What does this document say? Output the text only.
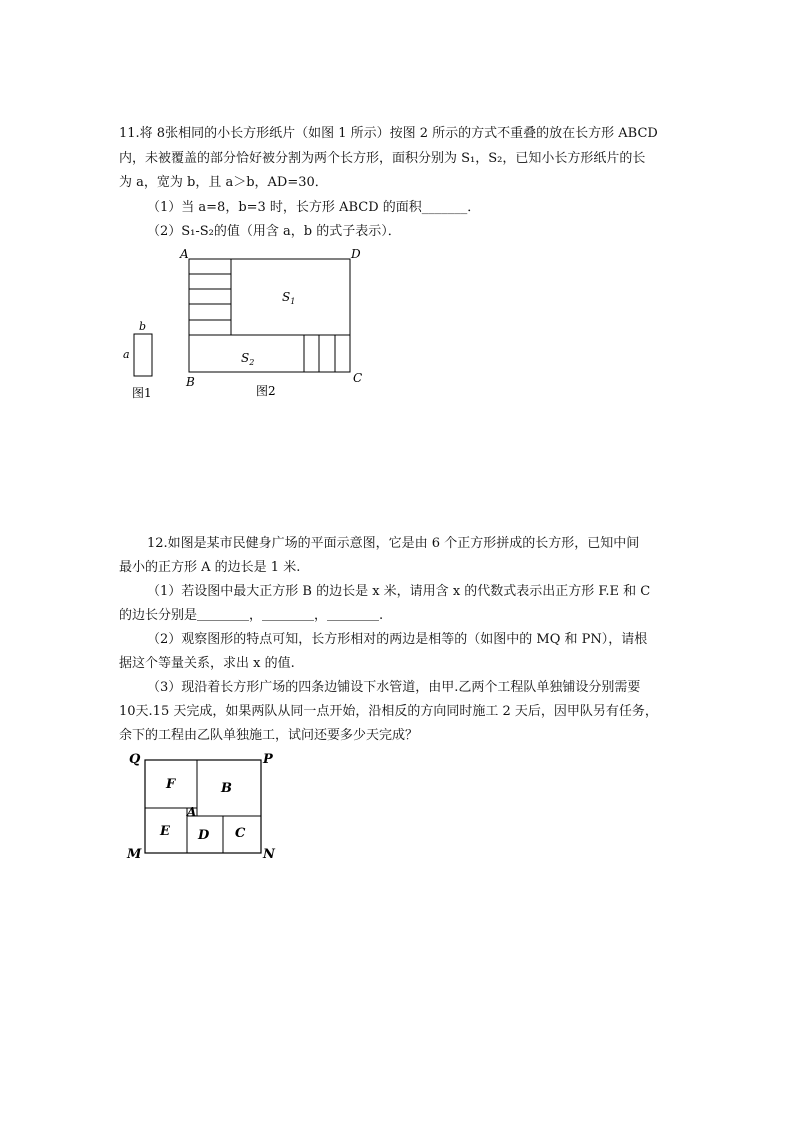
11.将 8张相同的小长方形纸片（如图 1 所示）按图 2 所示的方式不重叠的放在长方形 ABCD
内，未被覆盖的部分恰好被分割为两个长方形，面积分别为 S₁，S₂，已知小长方形纸片的长
为 a，宽为 b，且 a＞b，AD=30．
（1）当 a=8，b=3 时，长方形 ABCD 的面积_______．
（2）S₁-S₂的值（用含 a，b 的式子表示）．
b
a
图1
A	D
B	C
$S_1$
$S_2$
图2
12.如图是某市民健身广场的平面示意图，它是由 6 个正方形拼成的长方形，已知中间
最小的正方形 A 的边长是 1 米.
（1）若设图中最大正方形 B 的边长是 x 米，请用含 x 的代数式表示出正方形 F.E 和 C
的边长分别是＿＿＿＿，＿＿＿＿，＿＿＿＿.
（2）观察图形的特点可知，长方形相对的两边是相等的（如图中的 MQ 和 PN），请根
据这个等量关系，求出 x 的值.
（3）现沿着长方形广场的四条边铺设下水管道，由甲.乙两个工程队单独铺设分别需要
10天.15 天完成，如果两队从同一点开始，沿相反的方向同时施工 2 天后，因甲队另有任务，
余下的工程由乙队单独施工，试问还要多少天完成？
Q	P
M	N
F	B
A
E D C
